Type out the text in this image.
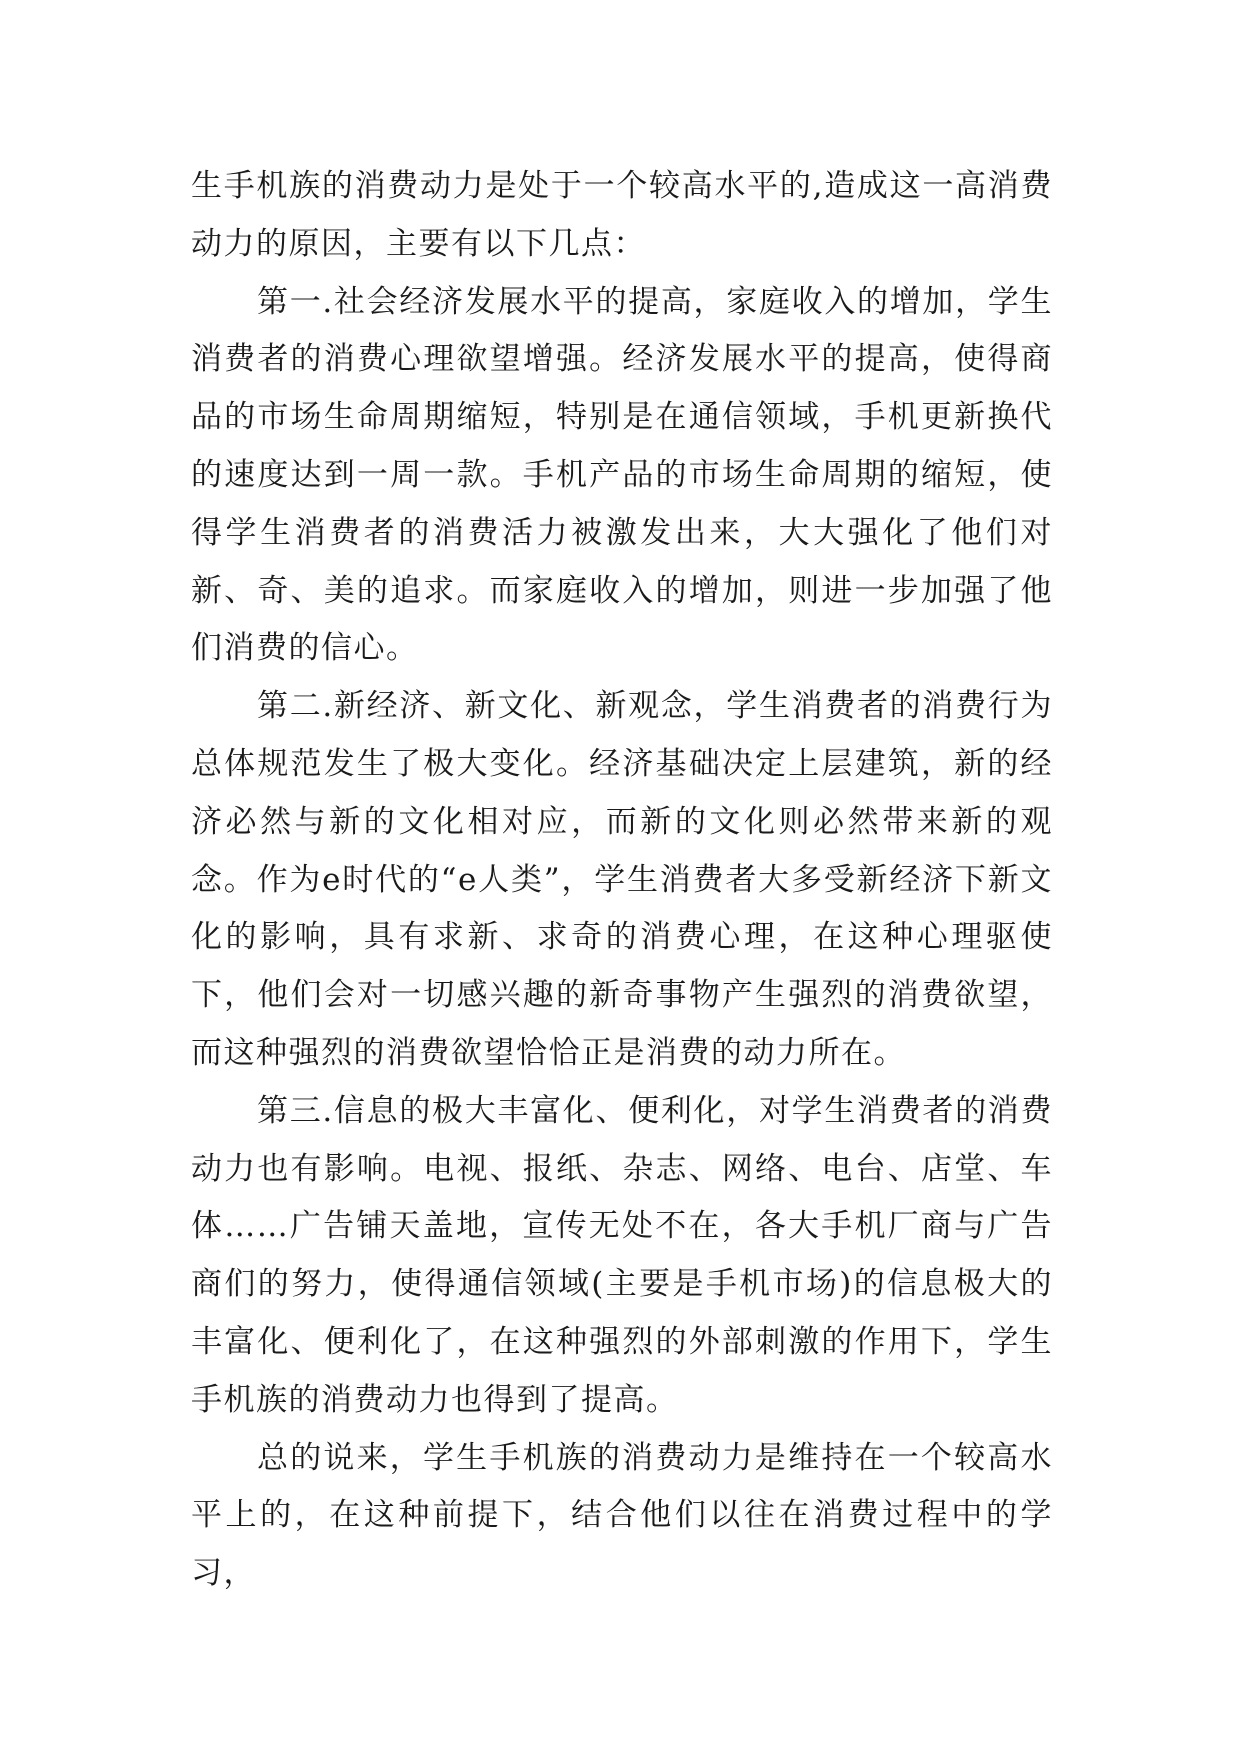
生手机族的消费动力是处于一个较高水平的,造成这一高消费动力的原因，主要有以下几点：

第一.社会经济发展水平的提高，家庭收入的增加，学生消费者的消费心理欲望增强。经济发展水平的提高，使得商品的市场生命周期缩短，特别是在通信领域，手机更新换代的速度达到一周一款。手机产品的市场生命周期的缩短，使得学生消费者的消费活力被激发出来，大大强化了他们对新、奇、美的追求。而家庭收入的增加，则进一步加强了他们消费的信心。

第二.新经济、新文化、新观念，学生消费者的消费行为总体规范发生了极大变化。经济基础决定上层建筑，新的经济必然与新的文化相对应，而新的文化则必然带来新的观念。作为e时代的“e人类”，学生消费者大多受新经济下新文化的影响，具有求新、求奇的消费心理，在这种心理驱使下，他们会对一切感兴趣的新奇事物产生强烈的消费欲望，而这种强烈的消费欲望恰恰正是消费的动力所在。

第三.信息的极大丰富化、便利化，对学生消费者的消费动力也有影响。电视、报纸、杂志、网络、电台、店堂、车体……广告铺天盖地，宣传无处不在，各大手机厂商与广告商们的努力，使得通信领域(主要是手机市场)的信息极大的丰富化、便利化了，在这种强烈的外部刺激的作用下，学生手机族的消费动力也得到了提高。

总的说来，学生手机族的消费动力是维持在一个较高水平上的，在这种前提下，结合他们以往在消费过程中的学习，
